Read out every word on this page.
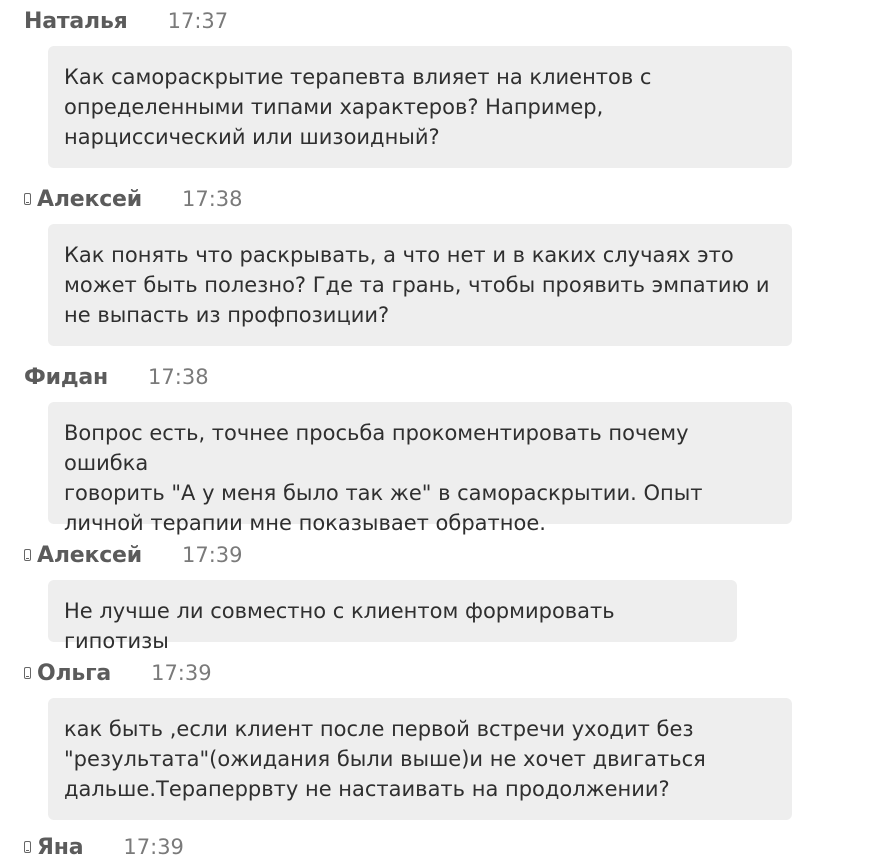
Наталья 17:37
Как самораскрытие терапевта влияет на клиентов с
определенными типами характеров? Например,
нарциссический или шизоидный?
Алексей 17:38
Как понять что раскрывать, а что нет и в каких случаях это
может быть полезно? Где та грань, чтобы проявить эмпатию и
не выпасть из профпозиции?
Фидан 17:38
Вопрос есть, точнее просьба прокоментировать почему ошибка
говорить "А у меня было так же" в самораскрытии. Опыт
личной терапии мне показывает обратное.
Алексей 17:39
Не лучше ли совместно с клиентом формировать гипотизы
Ольга 17:39
как быть ,если клиент после первой встречи уходит без
"результата"(ожидания были выше)и не хочет двигаться
дальше.Тераперрвту не настаивать на продолжении?
Яна 17:39
